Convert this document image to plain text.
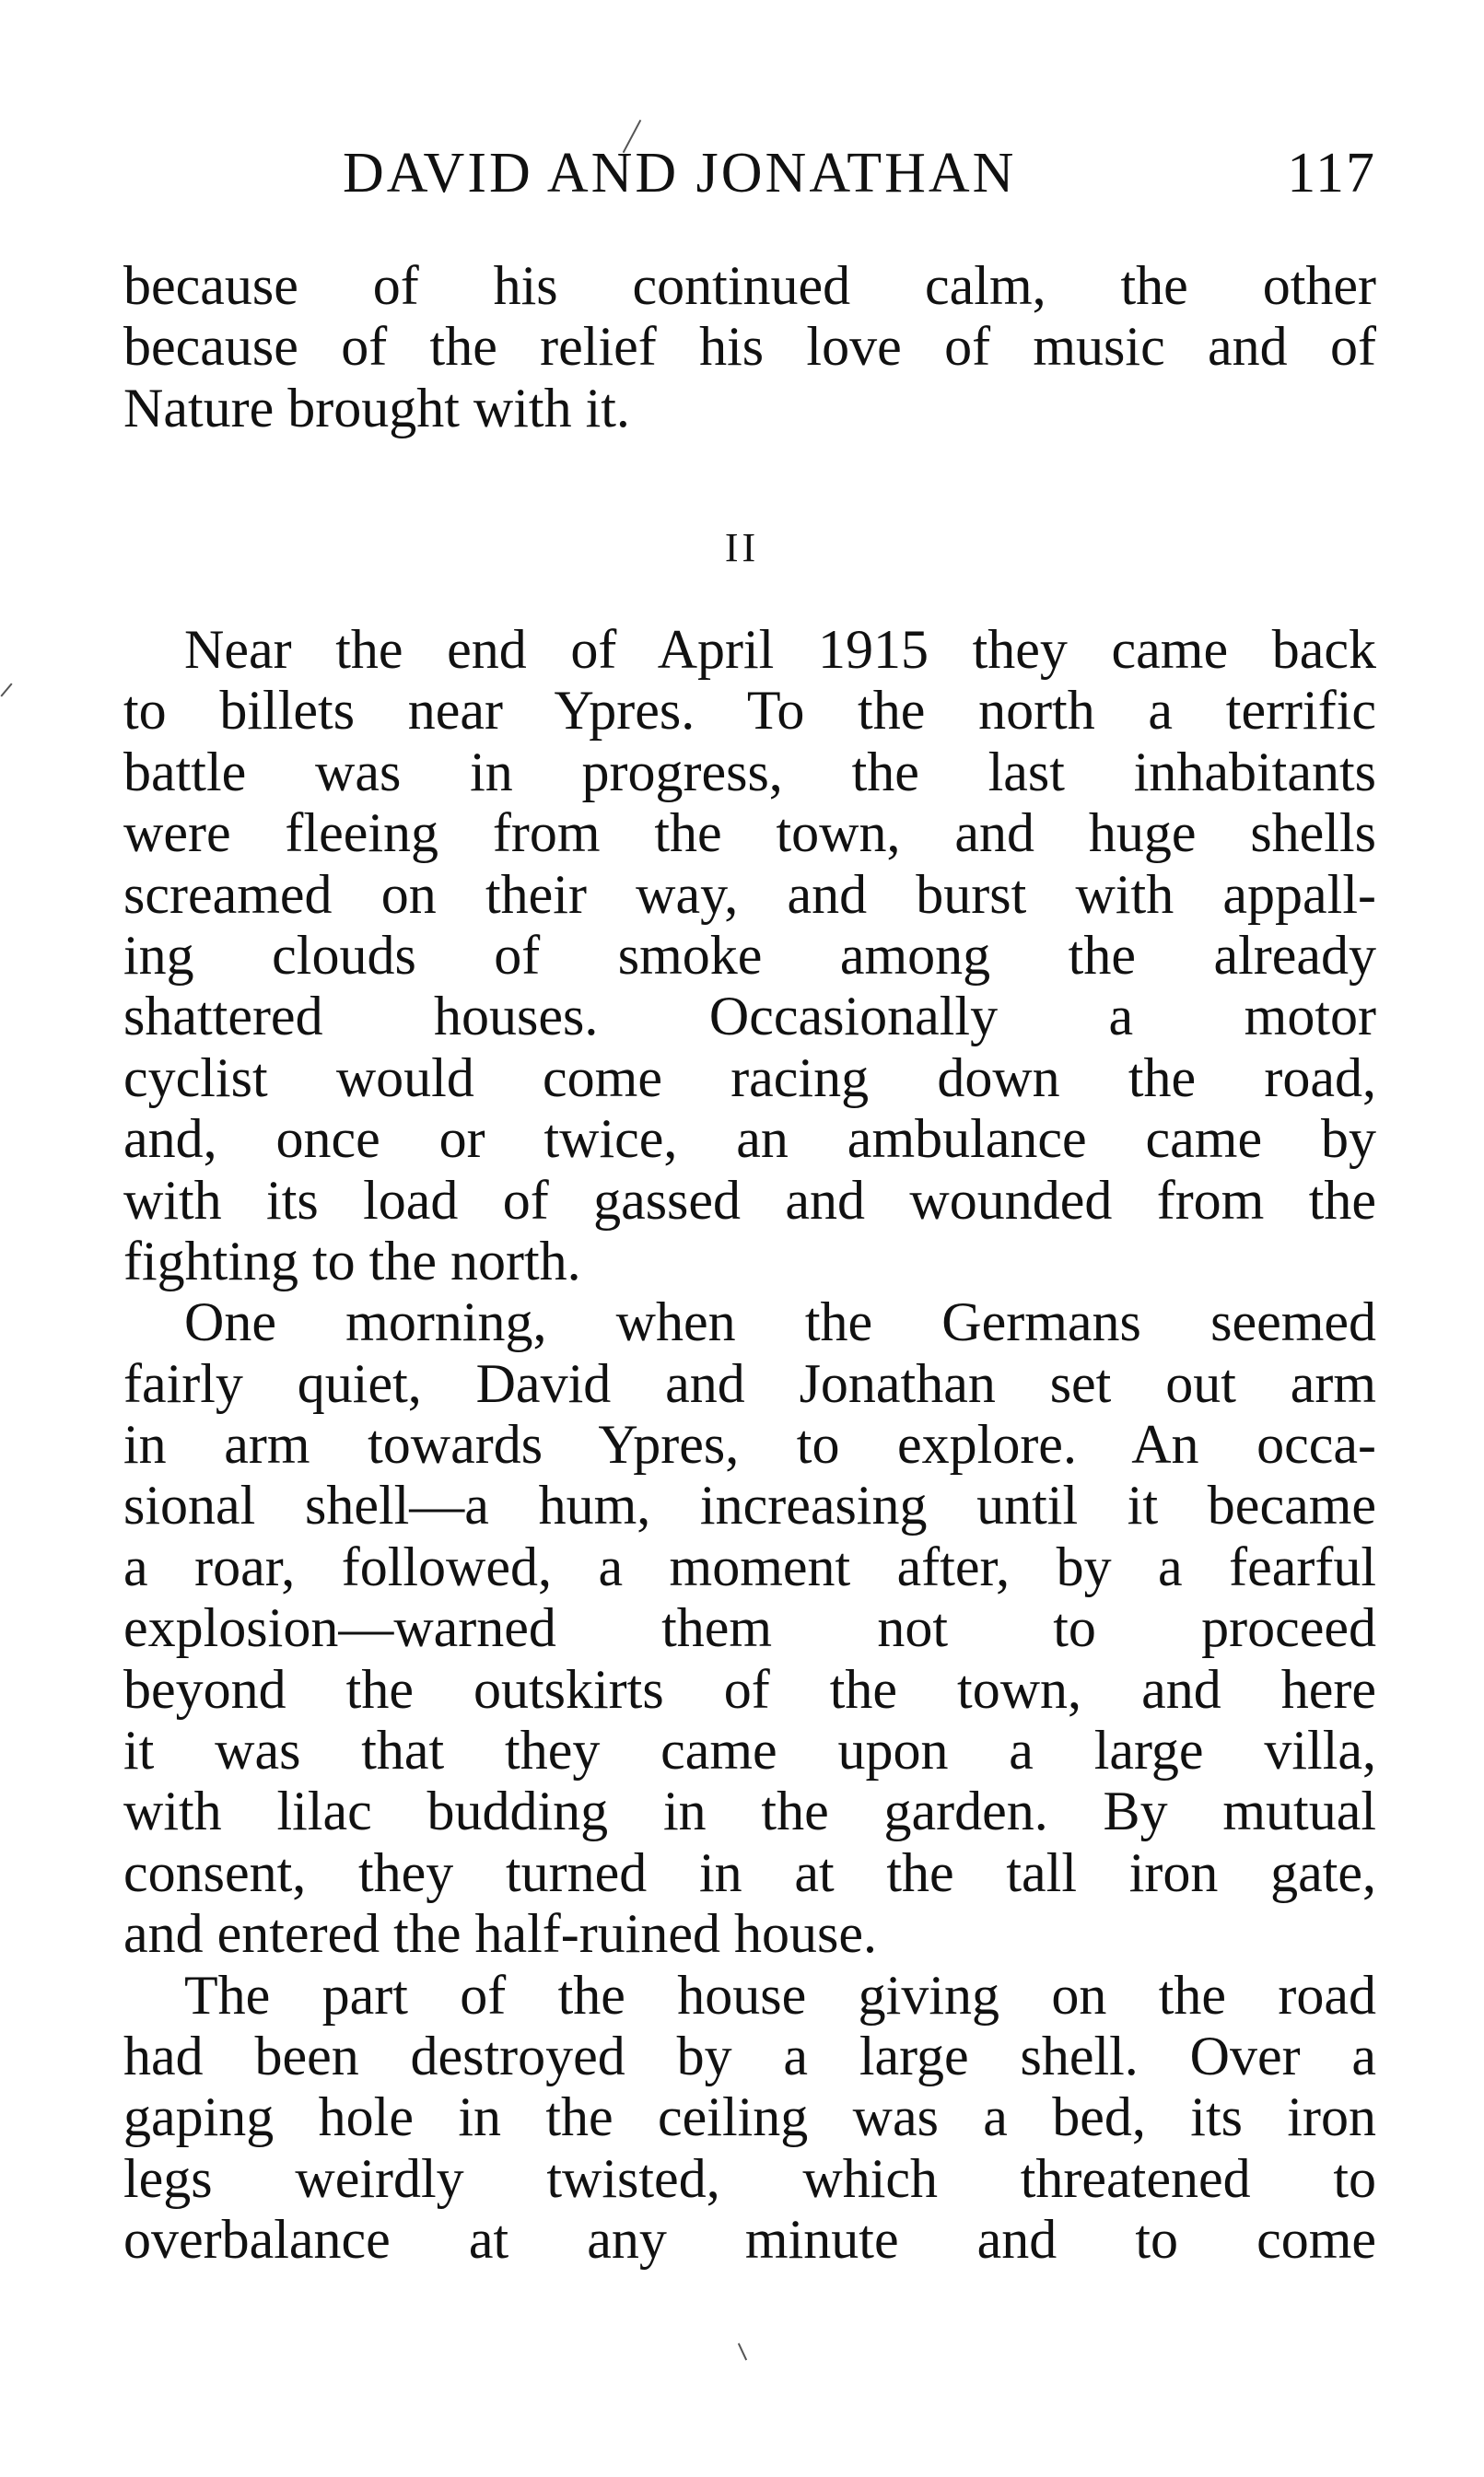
DAVID AND JONATHAN	117
because of his continued calm, the other
because of the relief his love of music and of
Nature brought with it.
II
Near the end of April 1915 they came back
to billets near Ypres. To the north a terrific
battle was in progress, the last inhabitants
were fleeing from the town, and huge shells
screamed on their way, and burst with appall-
ing clouds of smoke among the already
shattered houses. Occasionally a motor
cyclist would come racing down the road,
and, once or twice, an ambulance came by
with its load of gassed and wounded from the
fighting to the north.
One morning, when the Germans seemed
fairly quiet, David and Jonathan set out arm
in arm towards Ypres, to explore. An occa-
sional shell—a hum, increasing until it became
a roar, followed, a moment after, by a fearful
explosion—warned them not to proceed
beyond the outskirts of the town, and here
it was that they came upon a large villa,
with lilac budding in the garden. By mutual
consent, they turned in at the tall iron gate,
and entered the half-ruined house.
The part of the house giving on the road
had been destroyed by a large shell. Over a
gaping hole in the ceiling was a bed, its iron
legs weirdly twisted, which threatened to
overbalance at any minute and to come
